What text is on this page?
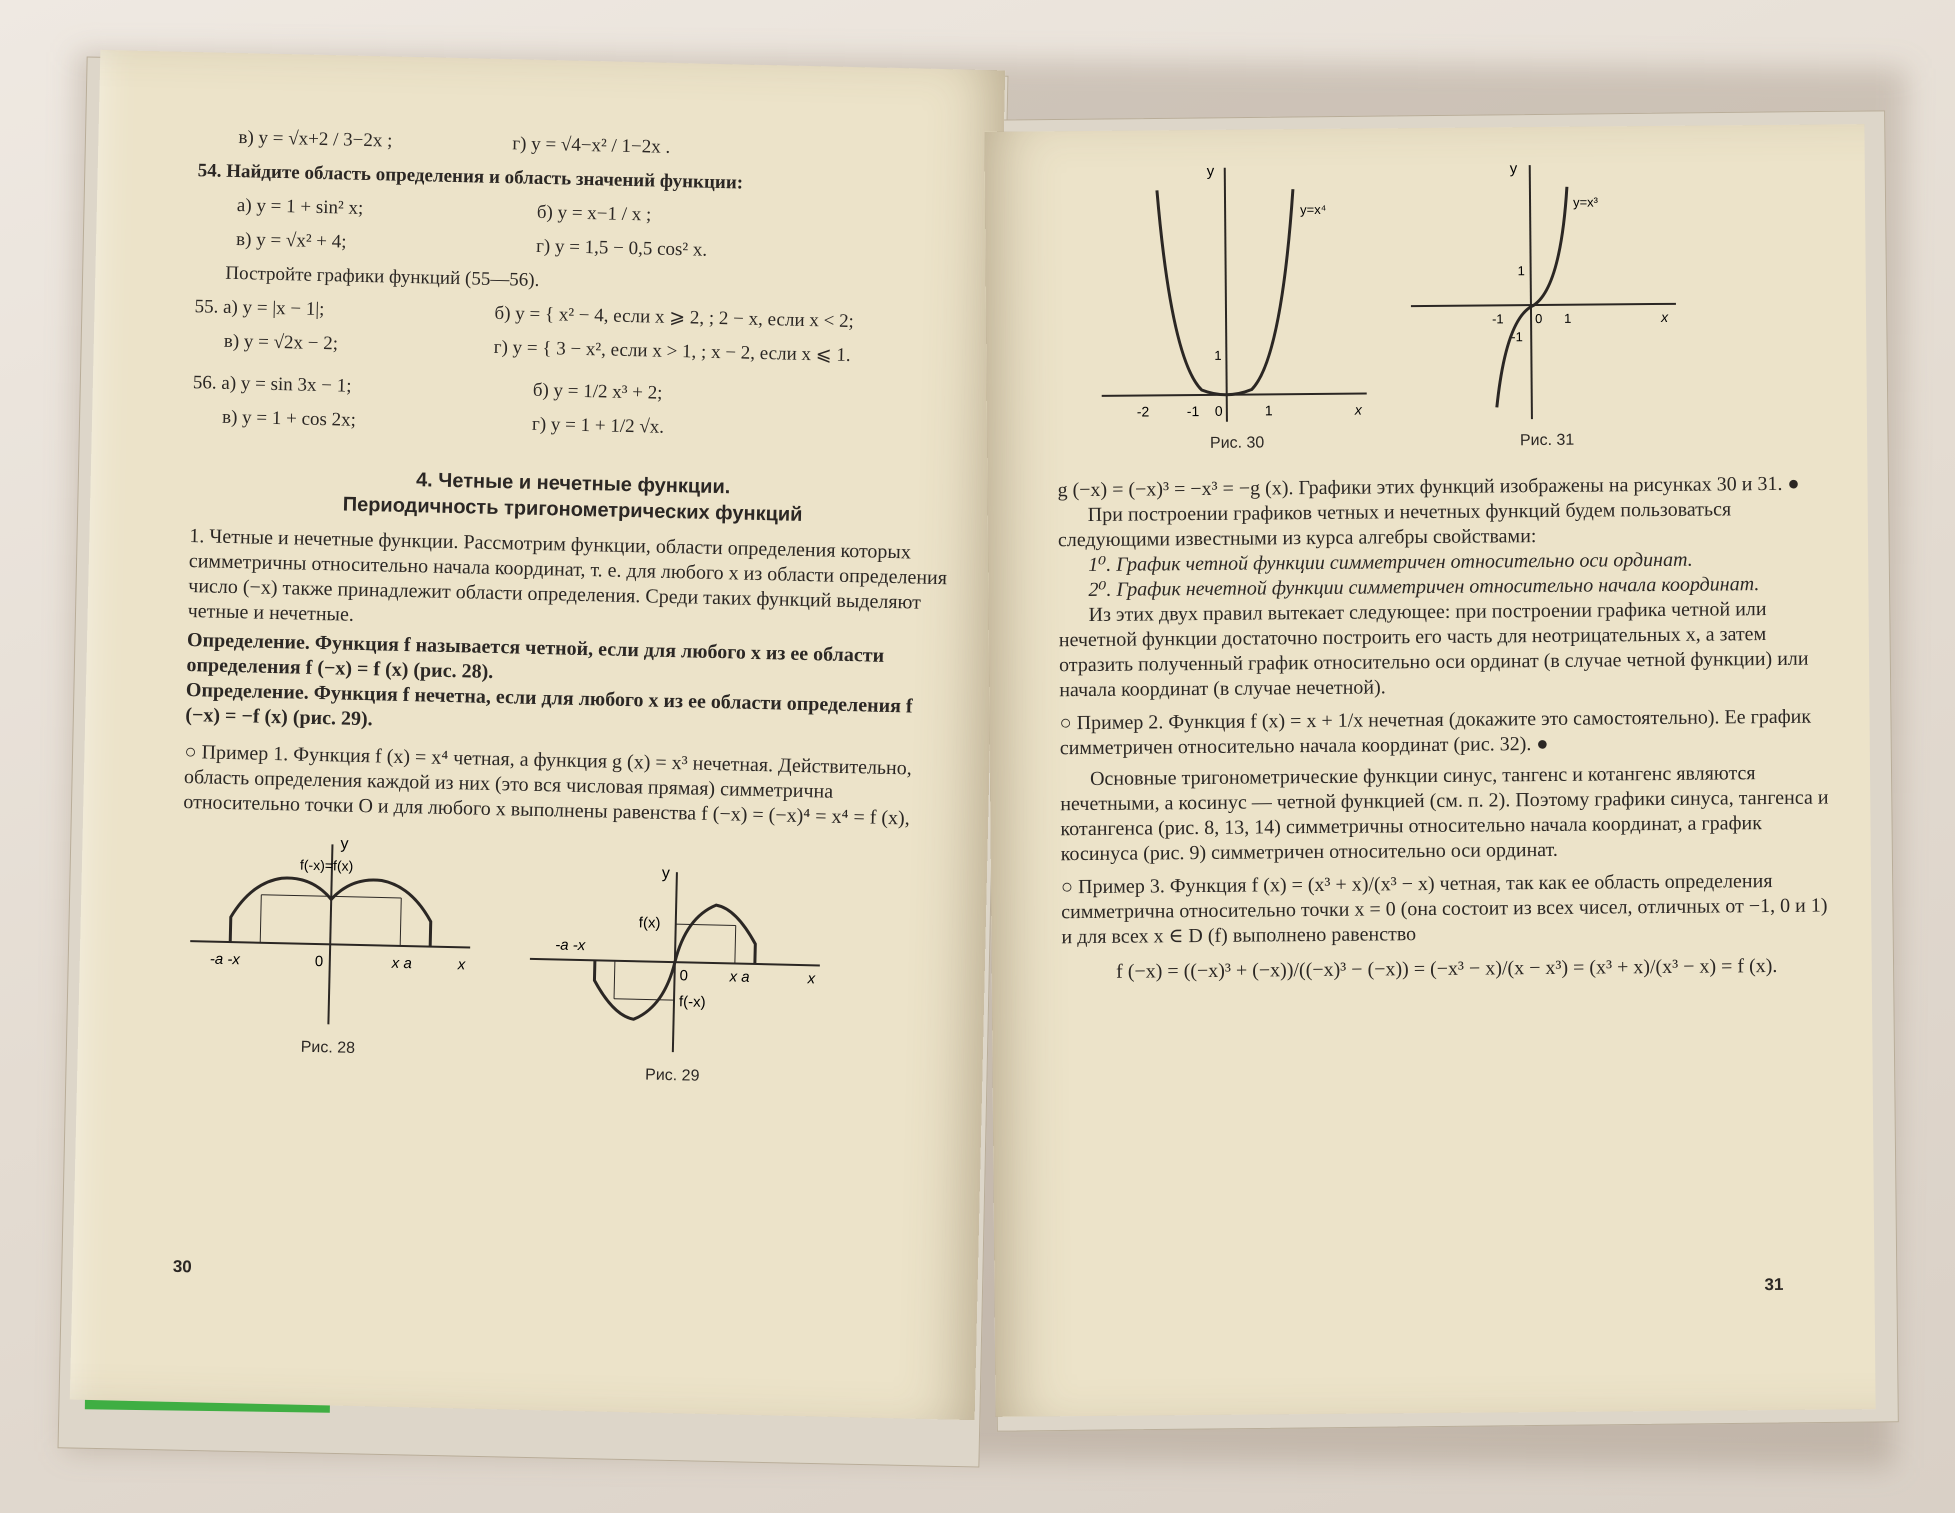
в) y = √x+2 / 3−2x ;	г) y = √4−x² / 1−2x .

54. Найдите область определения и область значений функции:

а) y = 1 + sin² x;	б) y = x−1 / x ;

в) y = √x² + 4;	г) y = 1,5 − 0,5 cos² x.

Постройте графики функций (55—56).

55. а) y = |x − 1|;	б) y = { x² − 4, если x ⩾ 2, ; 2 − x, если x < 2;

в) y = √2x − 2;	г) y = { 3 − x², если x > 1, ; x − 2, если x ⩽ 1.

56. а) y = sin 3x − 1;	б) y = 1/2 x³ + 2;

в) y = 1 + cos 2x;	г) y = 1 + 1/2 √x.

4. Четные и нечетные функции.
Периодичность тригонометрических функций

1. Четные и нечетные функции. Рассмотрим функции, области определения которых симметричны относительно начала координат, т. е. для любого x из области определения число (−x) также принадлежит области определения. Среди таких функций выделяют четные и нечетные.

Определение. Функция f называется четной, если для любого x из ее области определения f (−x) = f (x) (рис. 28).

Определение. Функция f нечетна, если для любого x из ее области определения f (−x) = −f (x) (рис. 29).

○ Пример 1. Функция f (x) = x⁴ четная, а функция g (x) = x³ нечетная. Действительно, область определения каждой из них (это вся числовая прямая) симметрична относительно точки O и для любого x выполнены равенства f (−x) = (−x)⁴ = x⁴ = f (x),

y
f(-x)=f(x)
-a -x	0	x a	x
Рис. 28
y
f(x)
-a -x
0	x a	x
f(-x)
Рис. 29
30
y
y=x⁴
1
-2	-1 0	1	x
Рис. 30
y
y=x³
1
-1 0 1
-1
x
Рис. 31

g (−x) = (−x)³ = −x³ = −g (x). Графики этих функций изображены на рисунках 30 и 31. ●

При построении графиков четных и нечетных функций будем пользоваться следующими известными из курса алгебры свойствами:

1⁰. График четной функции симметричен относительно оси ординат.

2⁰. График нечетной функции симметричен относительно начала координат.

Из этих двух правил вытекает следующее: при построении графика четной или нечетной функции достаточно построить его часть для неотрицательных x, а затем отразить полученный график относительно оси ординат (в случае четной функции) или начала координат (в случае нечетной).

○ Пример 2. Функция f (x) = x + 1/x нечетная (докажите это самостоятельно). Ее график симметричен относительно начала координат (рис. 32). ●

Основные тригонометрические функции синус, тангенс и котангенс являются нечетными, а косинус — четной функцией (см. п. 2). Поэтому графики синуса, тангенса и котангенса (рис. 8, 13, 14) симметричны относительно начала координат, а график косинуса (рис. 9) симметричен относительно оси ординат.

○ Пример 3. Функция f (x) = (x³ + x)/(x³ − x) четная, так как ее область определения симметрична относительно точки x = 0 (она состоит из всех чисел, отличных от −1, 0 и 1) и для всех x ∈ D (f) выполнено равенство

f (−x) = ((−x)³ + (−x))/((−x)³ − (−x)) = (−x³ − x)/(x − x³) = (x³ + x)/(x³ − x) = f (x).

31
